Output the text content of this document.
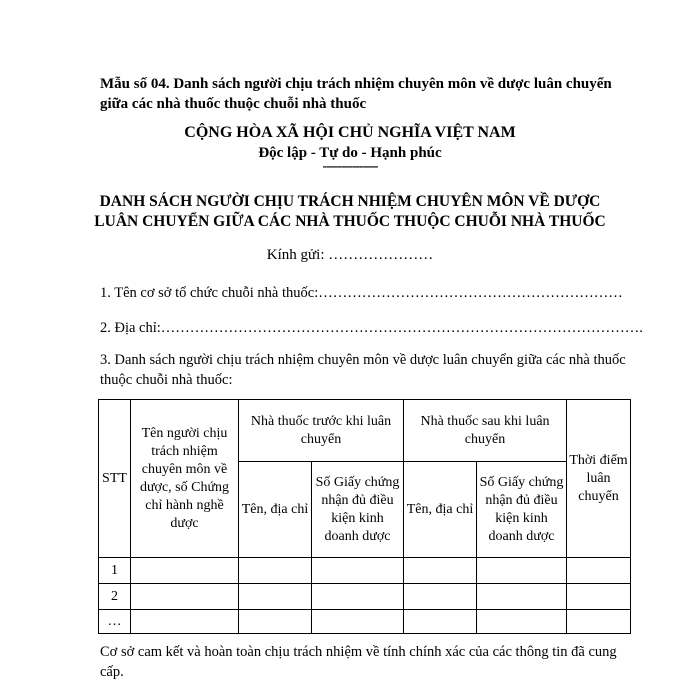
Mẫu số 04. Danh sách người chịu trách nhiệm chuyên môn về dược luân chuyển giữa các nhà thuốc thuộc chuỗi nhà thuốc
CỘNG HÒA XÃ HỘI CHỦ NGHĨA VIỆT NAM
Độc lập - Tự do - Hạnh phúc
---------------
DANH SÁCH NGƯỜI CHỊU TRÁCH NHIỆM CHUYÊN MÔN VỀ DƯỢC LUÂN CHUYỂN GIỮA CÁC NHÀ THUỐC THUỘC CHUỖI NHÀ THUỐC
Kính gửi: …………………
1. Tên cơ sở tổ chức chuỗi nhà thuốc:………………………………………………………
2. Địa chỉ:……………………………………………………………………………………….
3. Danh sách người chịu trách nhiệm chuyên môn về dược luân chuyển giữa các nhà thuốc thuộc chuỗi nhà thuốc:
STT	Tên người chịu trách nhiệm chuyên môn về dược, số Chứng chỉ hành nghề dược	Nhà thuốc trước khi luân chuyển		Nhà thuốc sau khi luân chuyển		Thời điểm luân chuyển
		Tên, địa chỉ	Số Giấy chứng nhận đủ điều kiện kinh doanh dược	Tên, địa chỉ	Số Giấy chứng nhận đủ điều kiện kinh doanh dược	
1						
2						
…						
Cơ sở cam kết và hoàn toàn chịu trách nhiệm về tính chính xác của các thông tin đã cung cấp.
